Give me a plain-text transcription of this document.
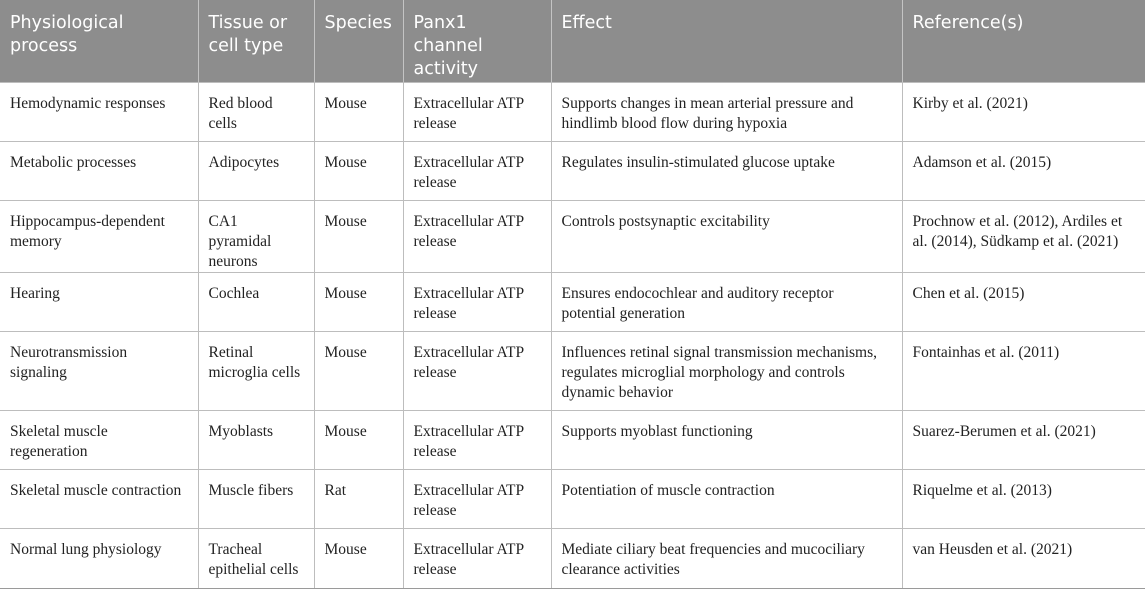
Physiological process	Tissue or cell type	Species	Panx1 channel activity	Effect	Reference(s)
Hemodynamic responses	Red blood cells	Mouse	Extracellular ATP release	Supports changes in mean arterial pressure and hindlimb blood flow during hypoxia	Kirby et al. (2021)
Metabolic processes	Adipocytes	Mouse	Extracellular ATP release	Regulates insulin-stimulated glucose uptake	Adamson et al. (2015)
Hippocampus-dependent memory	CA1 pyramidal neurons	Mouse	Extracellular ATP release	Controls postsynaptic excitability	Prochnow et al. (2012), Ardiles et al. (2014), Südkamp et al. (2021)
Hearing	Cochlea	Mouse	Extracellular ATP release	Ensures endocochlear and auditory receptor potential generation	Chen et al. (2015)
Neurotransmission signaling	Retinal microglia cells	Mouse	Extracellular ATP release	Influences retinal signal transmission mechanisms, regulates microglial morphology and controls dynamic behavior	Fontainhas et al. (2011)
Skeletal muscle regeneration	Myoblasts	Mouse	Extracellular ATP release	Supports myoblast functioning	Suarez-Berumen et al. (2021)
Skeletal muscle contraction	Muscle fibers	Rat	Extracellular ATP release	Potentiation of muscle contraction	Riquelme et al. (2013)
Normal lung physiology	Tracheal epithelial cells	Mouse	Extracellular ATP release	Mediate ciliary beat frequencies and mucociliary clearance activities	van Heusden et al. (2021)
